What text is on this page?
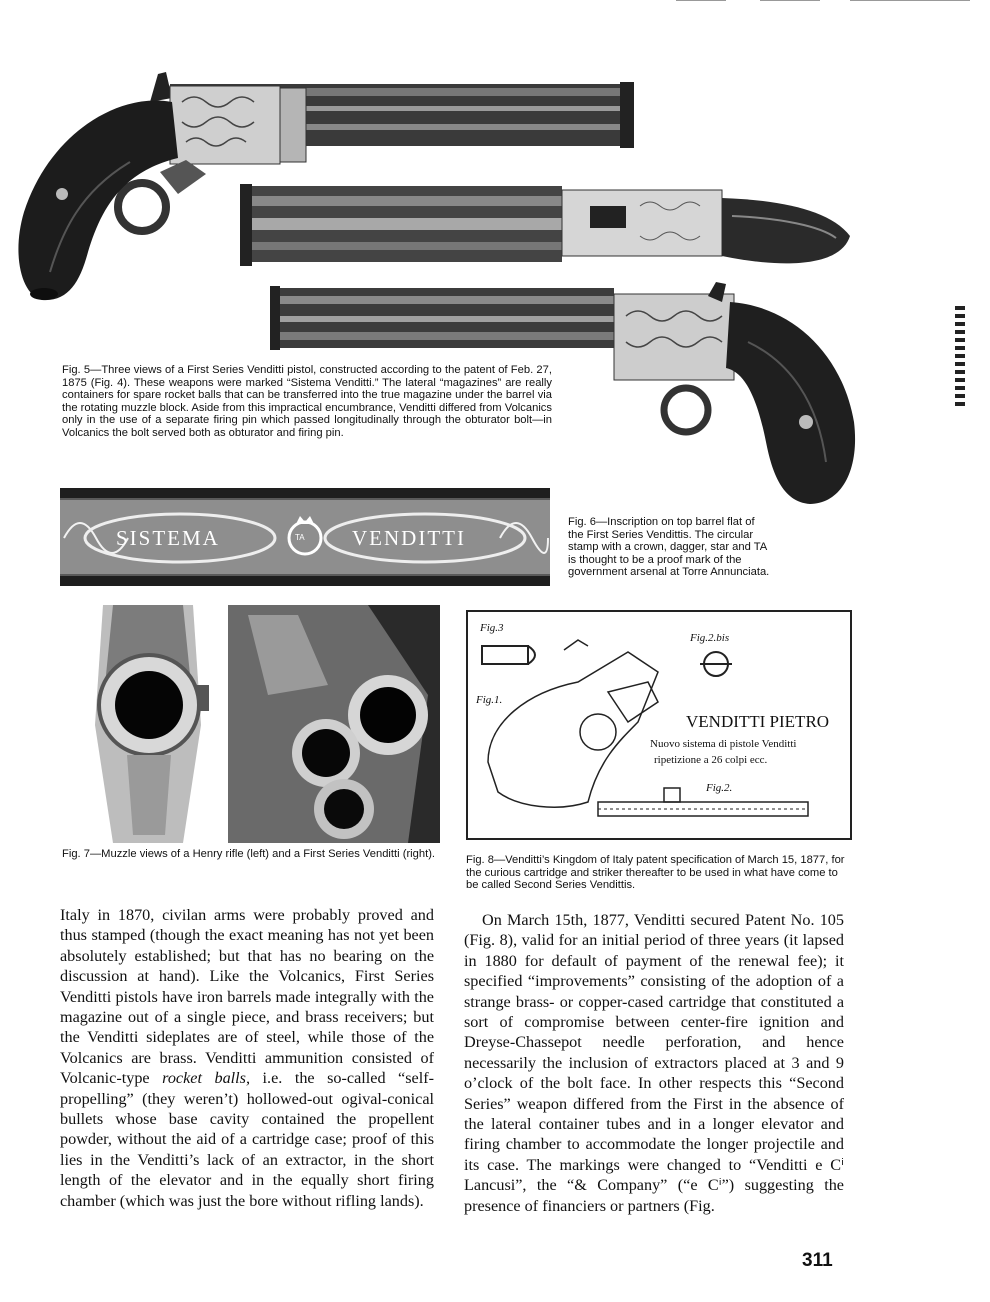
Fig. 5—Three views of a First Series Venditti pistol, constructed according to the patent of Feb. 27, 1875 (Fig. 4). These weapons were marked “Sistema Venditti.” The lateral “magazines” are really containers for spare rocket balls that can be transferred into the true magazine under the barrel via the rotating muzzle block. Aside from this impractical encumbrance, Venditti differed from Volcanics only in the use of a separate firing pin which passed longitudinally through the obturator bolt—in Volcanics the bolt served both as obturator and firing pin.

SISTEMA	TA VENDITTI

Fig. 6—Inscription on top barrel flat of the First Series Vendittis. The circular stamp with a crown, dagger, star and TA is thought to be a proof mark of the government arsenal at Torre Annunciata.

Fig. 7—Muzzle views of a Henry rifle (left) and a First Series Venditti (right).

Fig.3
Fig.2.bis
Fig.1.
Fig.2.
VENDITTI PIETRO
Nuovo sistema di pistole Venditti
ripetizione a 26 colpi ecc.

Fig. 8—Venditti’s Kingdom of Italy patent specification of March 15, 1877, for the curious cartridge and striker thereafter to be used in what have come to be called Second Series Vendittis.

Italy in 1870, civilan arms were probably proved and thus stamped (though the exact meaning has not yet been absolutely established; but that has no bearing on the discussion at hand). Like the Volcanics, First Series Venditti pistols have iron barrels made integrally with the magazine out of a single piece, and brass receivers; but the Venditti sideplates are of steel, while those of the Volcanics are brass. Venditti ammunition consisted of Volcanic-type rocket balls, i.e. the so-called “self-propelling” (they weren’t) hollowed-out ogival-conical bullets whose base cavity contained the propellent powder, without the aid of a cartridge case; proof of this lies in the Venditti’s lack of an extractor, in the short length of the elevator and in the equally short firing chamber (which was just the bore without rifling lands).
On March 15th, 1877, Venditti secured Patent No. 105 (Fig. 8), valid for an initial period of three years (it lapsed in 1880 for default of payment of the renewal fee); it specified “improvements” consisting of the adoption of a strange brass- or copper-cased cartridge that constituted a sort of compromise between center-fire ignition and Dreyse-Chassepot needle perforation, and hence necessarily the inclusion of extractors placed at 3 and 9 o’clock of the bolt face. In other respects this “Second Series” weapon differed from the First in the absence of the lateral container tubes and in a longer elevator and firing chamber to accommodate the longer projectile and its case. The markings were changed to “Venditti e Cⁱ Lancusi”, the “& Company” (“e Cⁱ”) suggesting the presence of financiers or partners (Fig.
311
